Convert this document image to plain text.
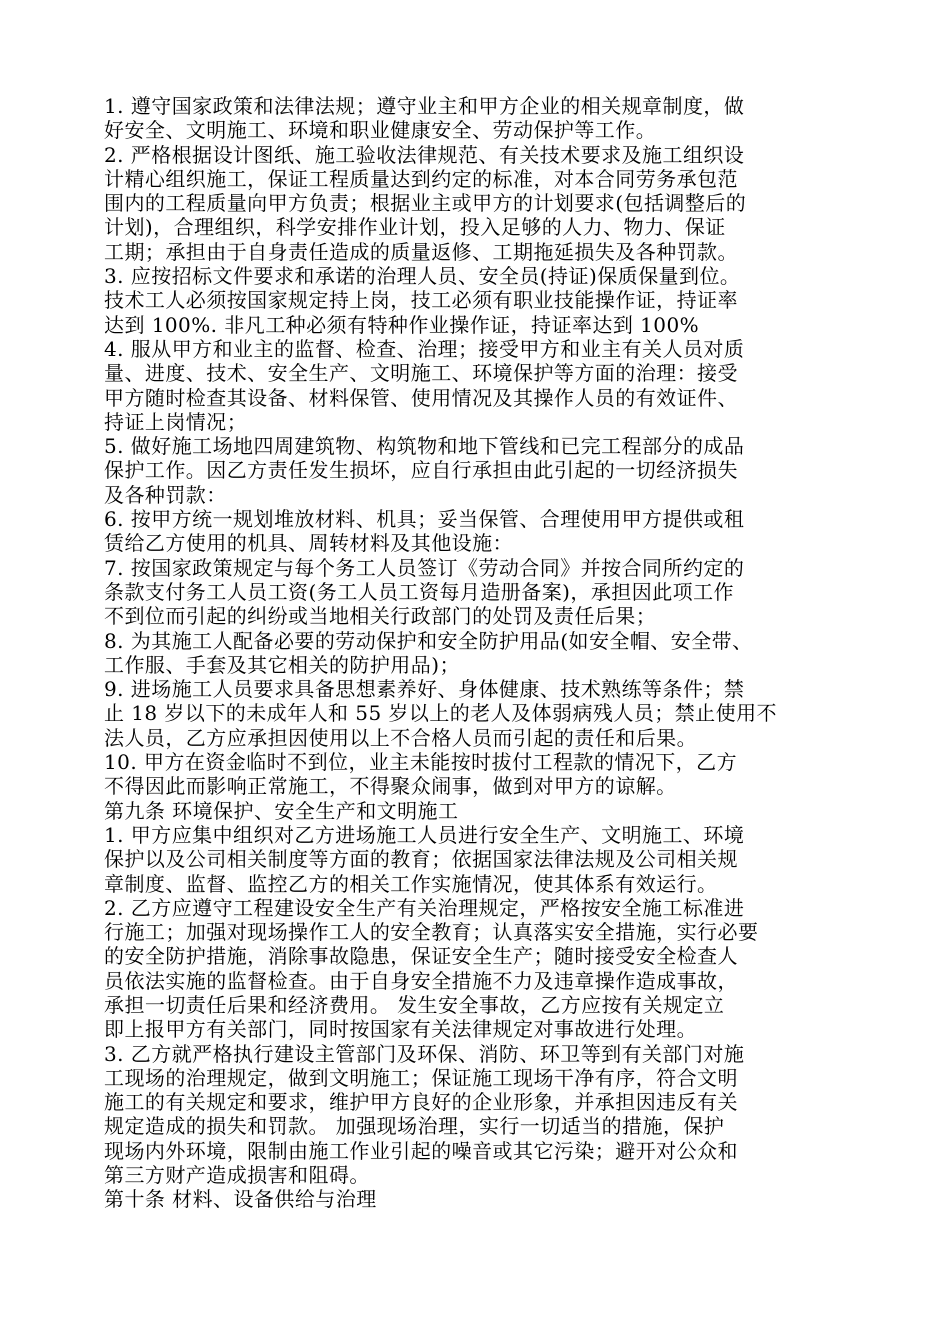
1. 遵守国家政策和法律法规；遵守业主和甲方企业的相关规章制度，做
好安全、文明施工、环境和职业健康安全、劳动保护等工作。
2. 严格根据设计图纸、施工验收法律规范、有关技术要求及施工组织设
计精心组织施工，保证工程质量达到约定的标准，对本合同劳务承包范
围内的工程质量向甲方负责；根据业主或甲方的计划要求(包括调整后的
计划)，合理组织，科学安排作业计划，投入足够的人力、物力、保证
工期；承担由于自身责任造成的质量返修、工期拖延损失及各种罚款。
3. 应按招标文件要求和承诺的治理人员、安全员(持证)保质保量到位。
技术工人必须按国家规定持上岗，技工必须有职业技能操作证，持证率
达到 100%. 非凡工种必须有特种作业操作证，持证率达到 100%
4. 服从甲方和业主的监督、检查、治理；接受甲方和业主有关人员对质
量、进度、技术、安全生产、文明施工、环境保护等方面的治理：接受
甲方随时检查其设备、材料保管、使用情况及其操作人员的有效证件、
持证上岗情况；
5. 做好施工场地四周建筑物、构筑物和地下管线和已完工程部分的成品
保护工作。因乙方责任发生损坏，应自行承担由此引起的一切经济损失
及各种罚款：
6. 按甲方统一规划堆放材料、机具；妥当保管、合理使用甲方提供或租
赁给乙方使用的机具、周转材料及其他设施：
7. 按国家政策规定与每个务工人员签订《劳动合同》并按合同所约定的
条款支付务工人员工资(务工人员工资每月造册备案)，承担因此项工作
不到位而引起的纠纷或当地相关行政部门的处罚及责任后果；
8. 为其施工人配备必要的劳动保护和安全防护用品(如安全帽、安全带、
工作服、手套及其它相关的防护用品)；
9. 进场施工人员要求具备思想素养好、身体健康、技术熟练等条件；禁
止 18 岁以下的未成年人和 55 岁以上的老人及体弱病残人员；禁止使用不
法人员，乙方应承担因使用以上不合格人员而引起的责任和后果。
10. 甲方在资金临时不到位，业主未能按时拔付工程款的情况下，乙方
不得因此而影响正常施工，不得聚众闹事，做到对甲方的谅解。
第九条 环境保护、安全生产和文明施工
1. 甲方应集中组织对乙方进场施工人员进行安全生产、文明施工、环境
保护以及公司相关制度等方面的教育；依据国家法律法规及公司相关规
章制度、监督、监控乙方的相关工作实施情况，使其体系有效运行。
2. 乙方应遵守工程建设安全生产有关治理规定，严格按安全施工标准进
行施工；加强对现场操作工人的安全教育；认真落实安全措施，实行必要
的安全防护措施，消除事故隐患，保证安全生产；随时接受安全检查人
员依法实施的监督检查。由于自身安全措施不力及违章操作造成事故，
承担一切责任后果和经济费用。 发生安全事故，乙方应按有关规定立
即上报甲方有关部门，同时按国家有关法律规定对事故进行处理。
3. 乙方就严格执行建设主管部门及环保、消防、环卫等到有关部门对施
工现场的治理规定，做到文明施工；保证施工现场干净有序，符合文明
施工的有关规定和要求，维护甲方良好的企业形象，并承担因违反有关
规定造成的损失和罚款。 加强现场治理，实行一切适当的措施，保护
现场内外环境，限制由施工作业引起的噪音或其它污染；避开对公众和
第三方财产造成损害和阻碍。
第十条 材料、设备供给与治理
